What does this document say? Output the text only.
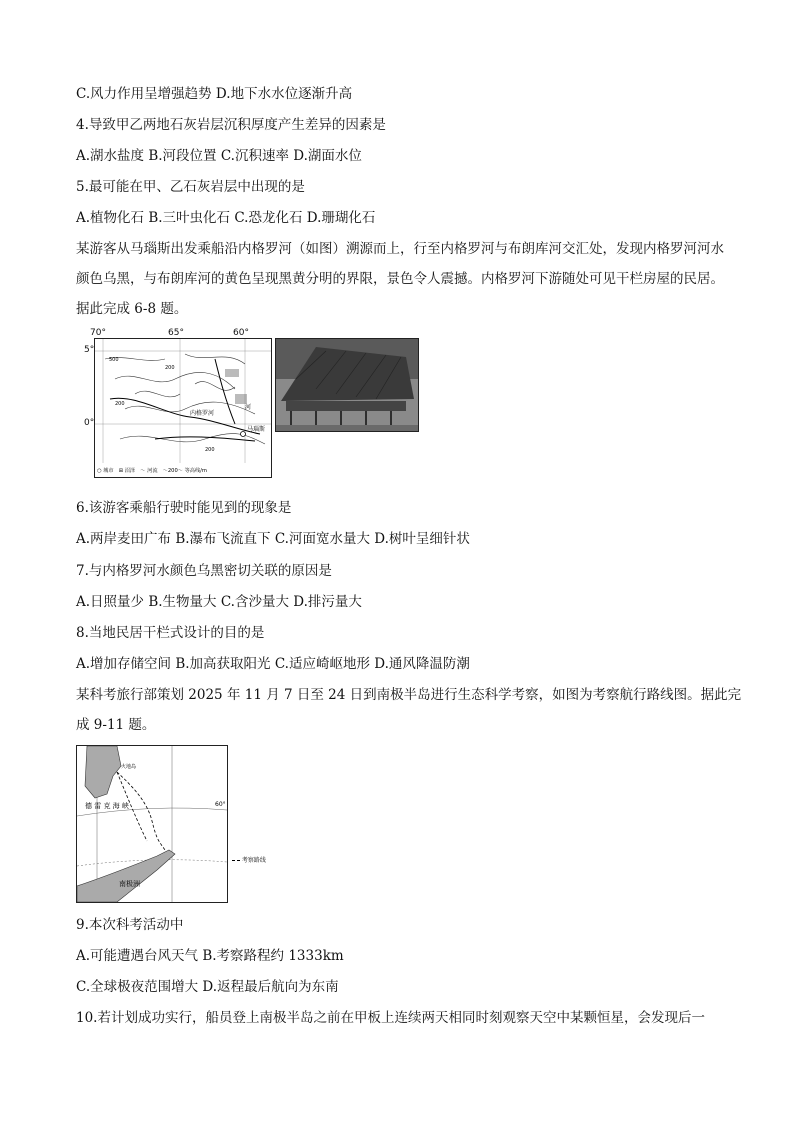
C.风力作用呈增强趋势 D.地下水水位逐渐升高
4.导致甲乙两地石灰岩层沉积厚度产生差异的因素是
A.湖水盐度 B.河段位置 C.沉积速率 D.湖面水位
5.最可能在甲、乙石灰岩层中出现的是
A.植物化石 B.三叶虫化石 C.恐龙化石 D.珊瑚化石
某游客从马瑙斯出发乘船沿内格罗河（如图）溯源而上，行至内格罗河与布朗库河交汇处，发现内格罗河河水
颜色乌黑，与布朗库河的黄色呈现黑黄分明的界限，景色令人震撼。内格罗河下游随处可见干栏房屋的民居。
据此完成 6-8 题。
马瑙斯
内格罗河
河
500
200
200
200
○ 城市　⊞ 沼泽　～ 河流　～200～ 等高线/m
70°	65°	60°
5°
0°
6.该游客乘船行驶时能见到的现象是
A.两岸麦田广布 B.瀑布飞流直下 C.河面宽水量大 D.树叶呈细针状
7.与内格罗河水颜色乌黑密切关联的原因是
A.日照量少 B.生物量大 C.含沙量大 D.排污量大
8.当地民居干栏式设计的目的是
A.增加存储空间 B.加高获取阳光 C.适应崎岖地形 D.通风降温防潮
某科考旅行部策划 2025 年 11 月 7 日至 24 日到南极半岛进行生态科学考察，如图为考察航行路线图。据此完
成 9-11 题。
德 雷 克 海 峡	60°
南极洲
火地岛
考察路线
9.本次科考活动中
A.可能遭遇台风天气 B.考察路程约 1333km
C.全球极夜范围增大 D.返程最后航向为东南
10.若计划成功实行，船员登上南极半岛之前在甲板上连续两天相同时刻观察天空中某颗恒星，会发现后一
